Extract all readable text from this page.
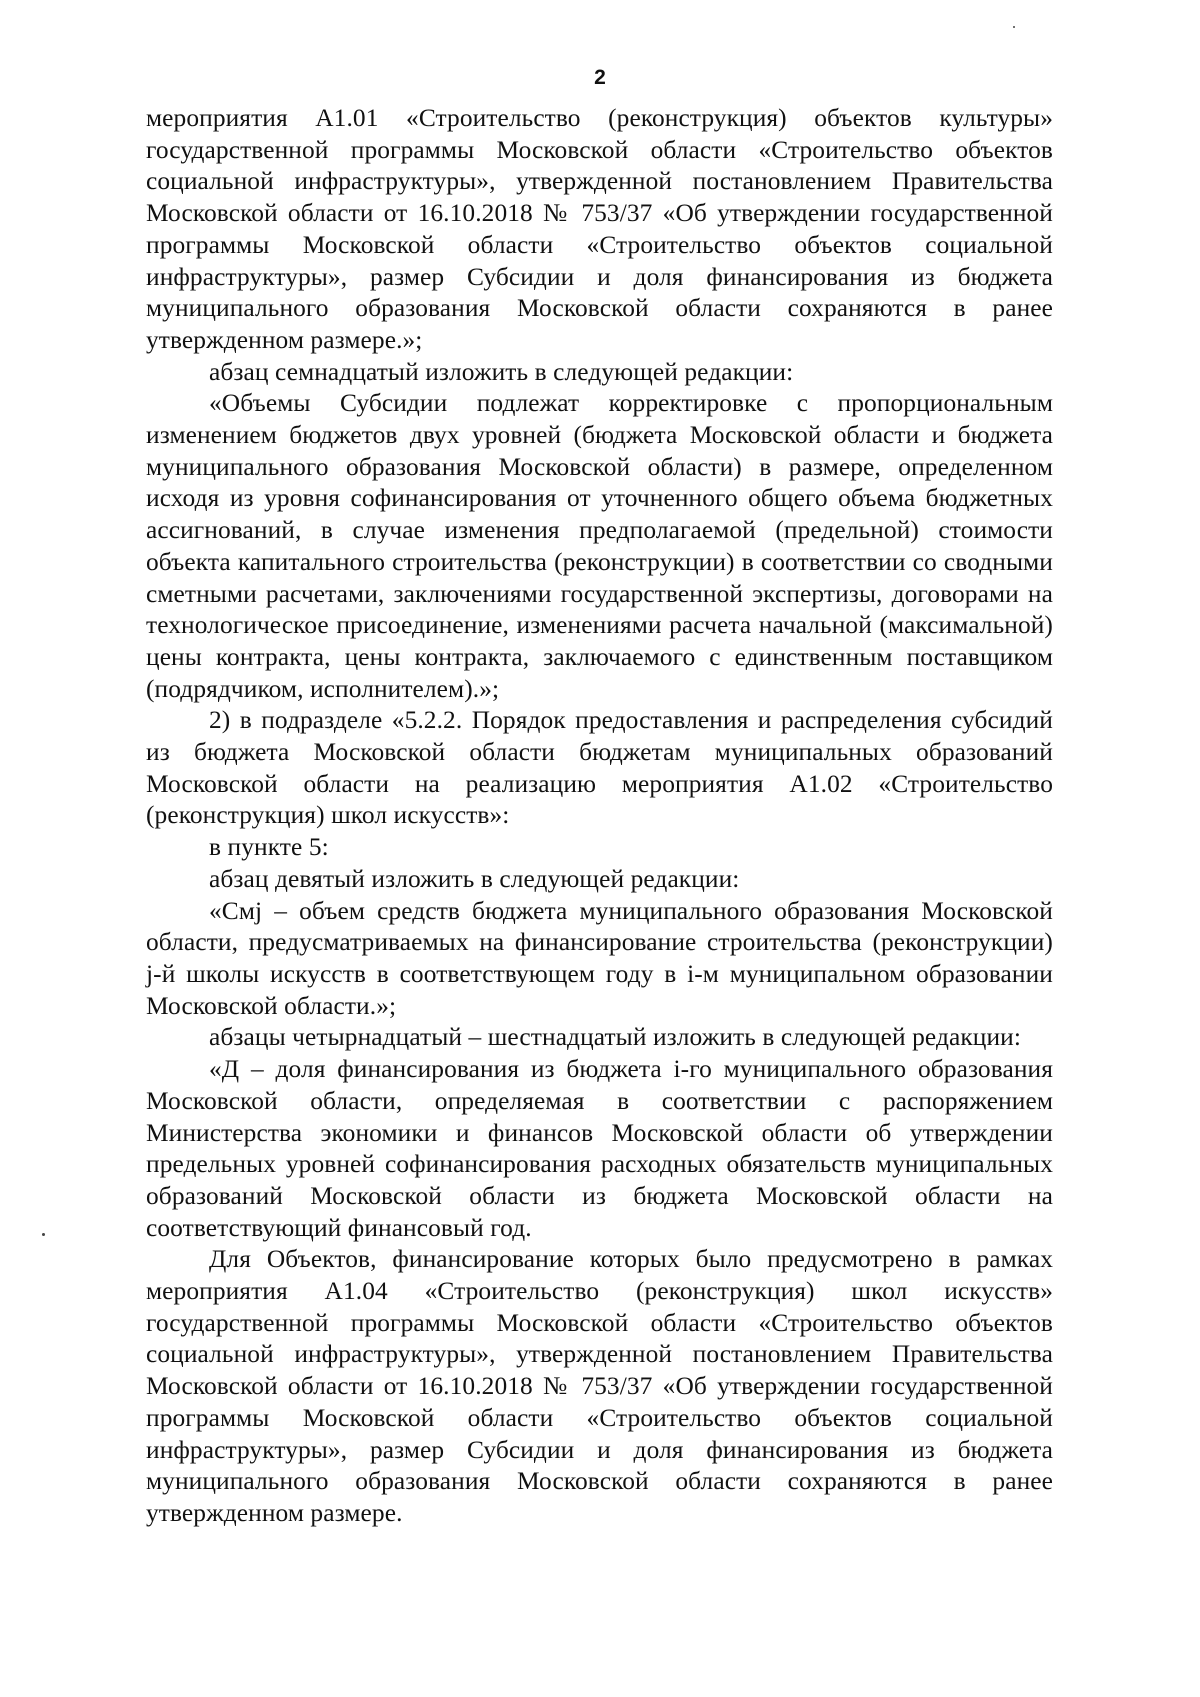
2

мероприятия А1.01 «Строительство (реконструкция) объектов культуры» государственной программы Московской области «Строительство объектов социальной инфраструктуры», утвержденной постановлением Правительства Московской области от 16.10.2018 № 753/37 «Об утверждении государственной программы Московской области «Строительство объектов социальной инфраструктуры», размер Субсидии и доля финансирования из бюджета муниципального образования Московской области сохраняются в ранее утвержденном размере.»;

абзац семнадцатый изложить в следующей редакции:

«Объемы Субсидии подлежат корректировке с пропорциональным изменением бюджетов двух уровней (бюджета Московской области и бюджета муниципального образования Московской области) в размере, определенном исходя из уровня софинансирования от уточненного общего объема бюджетных ассигнований, в случае изменения предполагаемой (предельной) стоимости объекта капитального строительства (реконструкции) в соответствии со сводными сметными расчетами, заключениями государственной экспертизы, договорами на технологическое присоединение, изменениями расчета начальной (максимальной) цены контракта, цены контракта, заключаемого с единственным поставщиком (подрядчиком, исполнителем).»;

2) в подразделе «5.2.2. Порядок предоставления и распределения субсидий из бюджета Московской области бюджетам муниципальных образований Московской области на реализацию мероприятия А1.02 «Строительство (реконструкция) школ искусств»:

в пункте 5:

абзац девятый изложить в следующей редакции:

«Cмj – объем средств бюджета муниципального образования Московской области, предусматриваемых на финансирование строительства (реконструкции) j-й школы искусств в соответствующем году в i-м муниципальном образовании Московской области.»;

абзацы четырнадцатый – шестнадцатый изложить в следующей редакции:

«Д – доля финансирования из бюджета i-го муниципального образования Московской области, определяемая в соответствии с распоряжением Министерства экономики и финансов Московской области об утверждении предельных уровней софинансирования расходных обязательств муниципальных образований Московской области из бюджета Московской области на соответствующий финансовый год.

Для Объектов, финансирование которых было предусмотрено в рамках мероприятия А1.04 «Строительство (реконструкция) школ искусств» государственной программы Московской области «Строительство объектов социальной инфраструктуры», утвержденной постановлением Правительства Московской области от 16.10.2018 № 753/37 «Об утверждении государственной программы Московской области «Строительство объектов социальной инфраструктуры», размер Субсидии и доля финансирования из бюджета муниципального образования Московской области сохраняются в ранее утвержденном размере.
